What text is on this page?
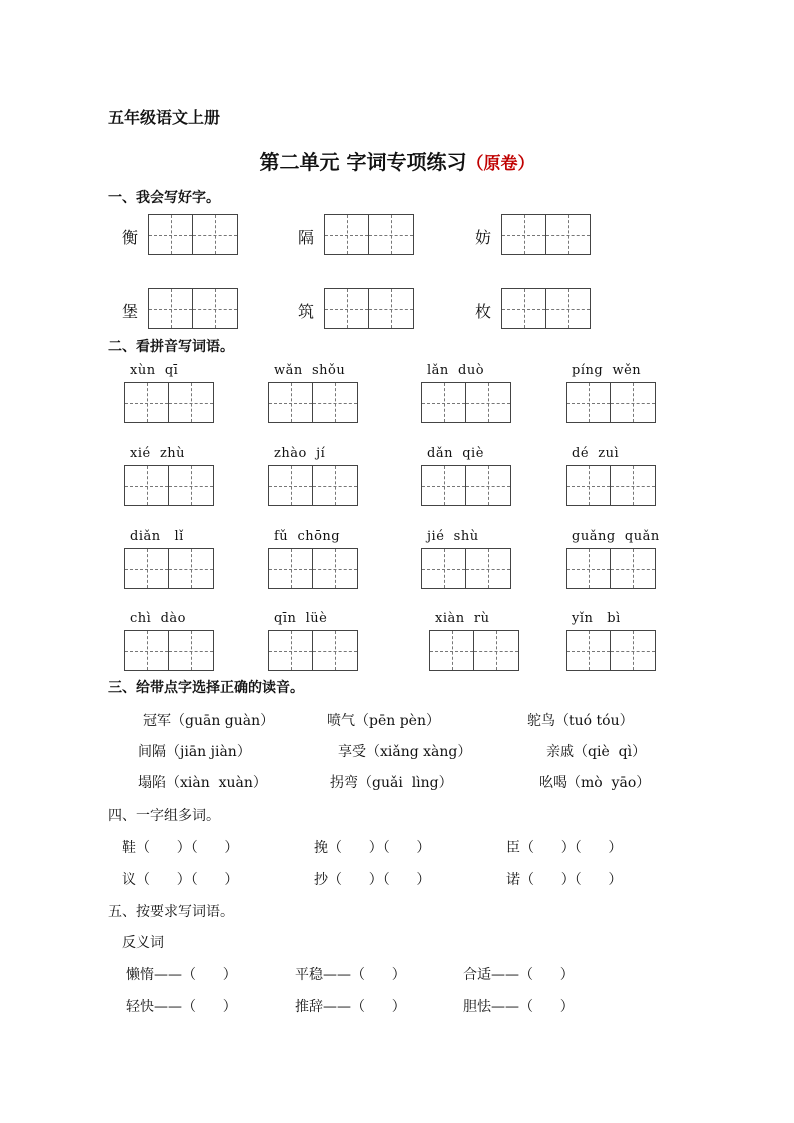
五年级语文上册
第二单元 字词专项练习（原卷）
一、我会写好字。
衡	隔	妨
堡	筑	枚
二、看拼音写词语。
xùn  qī	wǎn  shǒu	lǎn  duò	píng  wěn
xié  zhù	zhào  jí	dǎn  qiè	dé  zuì
diǎn   lǐ	fǔ  chōng	jié  shù	guǎng  quǎn
chì  dào	qīn  lüè	xiàn  rù	yǐn   bì
三、给带点字选择正确的读音。
冠军（guān guàn）	喷气（pēn pèn）	鸵鸟（tuó tóu）
间隔（jiān jiàn）	享受（xiǎng xàng）	亲戚（qiè  qì）
塌陷（xiàn  xuàn）	拐弯（guǎi  lìng）	吆喝（mò  yāo）
四、一字组多词。
鞋（      ）（      ）	挽（      ）（      ）	臣（      ）（      ）
议（      ）（      ）	抄（      ）（      ）	诺（      ）（      ）
五、按要求写词语。
反义词
懒惰——（      ）	平稳——（      ）	合适——（      ）
轻快——（      ）	推辞——（      ）	胆怯——（      ）
